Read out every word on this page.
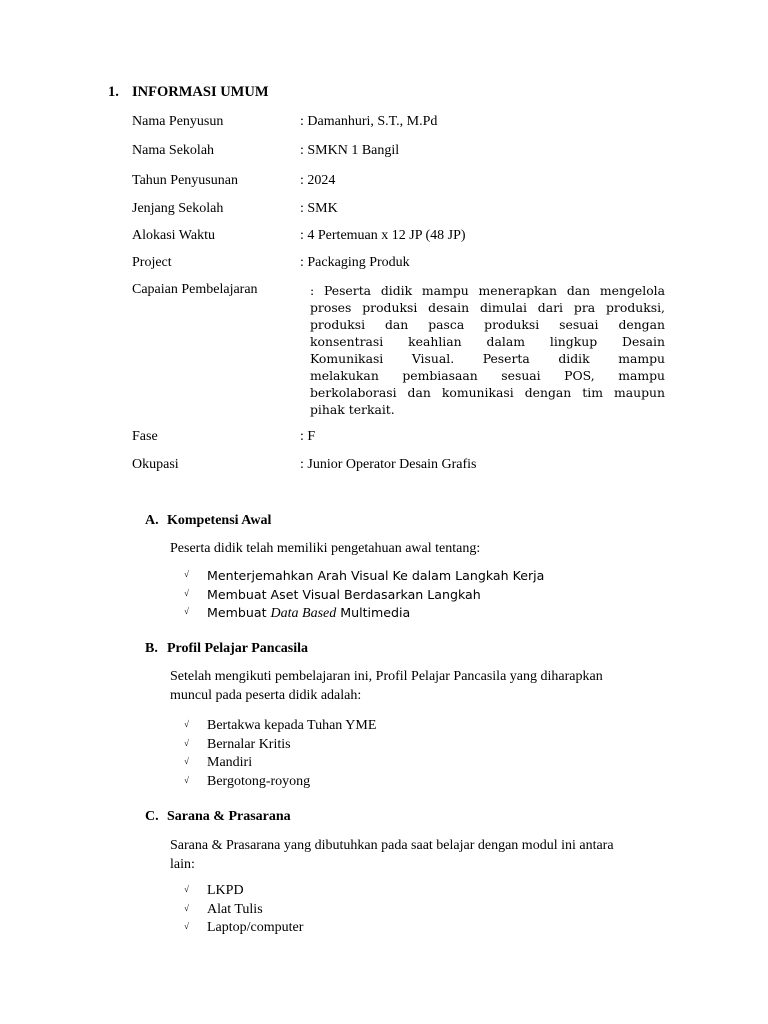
1. INFORMASI UMUM
Nama Penyusun	: Damanhuri, S.T., M.Pd
Nama Sekolah	: SMKN 1 Bangil
Tahun Penyusunan	: 2024
Jenjang Sekolah	: SMK
Alokasi Waktu	: 4 Pertemuan x 12 JP (48 JP)
Project	: Packaging Produk
Capaian Pembelajaran	: Peserta didik mampu menerapkan dan mengelola
proses produksi desain dimulai dari pra produksi,
produksi dan pasca produksi sesuai dengan
konsentrasi keahlian dalam lingkup Desain
Komunikasi Visual. Peserta didik mampu
melakukan pembiasaan sesuai POS, mampu
berkolaborasi dan komunikasi dengan tim maupun
pihak terkait.
Fase	: F
Okupasi	: Junior Operator Desain Grafis
A. Kompetensi Awal
Peserta didik telah memiliki pengetahuan awal tentang:
√ Menterjemahkan Arah Visual Ke dalam Langkah Kerja
√ Membuat Aset Visual Berdasarkan Langkah
√ Membuat Data Based Multimedia
B. Profil Pelajar Pancasila
Setelah mengikuti pembelajaran ini, Profil Pelajar Pancasila yang diharapkan
muncul pada peserta didik adalah:
√ Bertakwa kepada Tuhan YME
√ Bernalar Kritis
√ Mandiri
√ Bergotong-royong
C. Sarana & Prasarana
Sarana & Prasarana yang dibutuhkan pada saat belajar dengan modul ini antara
lain:
√ LKPD
√ Alat Tulis
√ Laptop/computer
